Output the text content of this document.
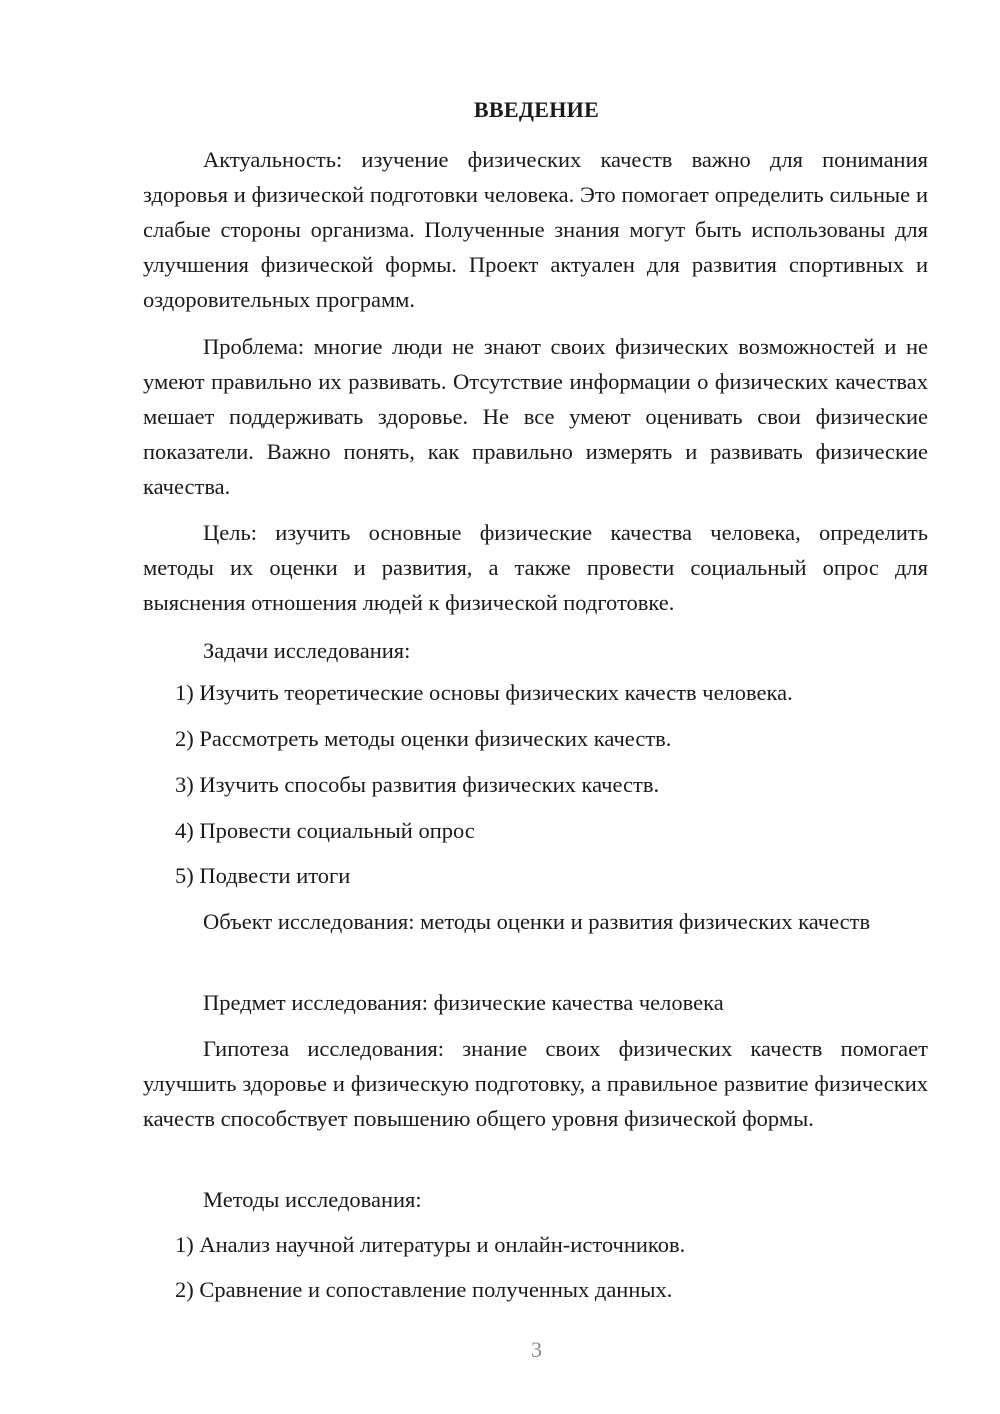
ВВЕДЕНИЕ

Актуальность: изучение физических качеств важно для понимания здоровья и физической подготовки человека. Это помогает определить сильные и слабые стороны организма. Полученные знания могут быть использованы для улучшения физической формы. Проект актуален для развития спортивных и оздоровительных программ.

Проблема: многие люди не знают своих физических возможностей и не умеют правильно их развивать. Отсутствие информации о физических качествах мешает поддерживать здоровье. Не все умеют оценивать свои физические показатели. Важно понять, как правильно измерять и развивать физические качества.

Цель: изучить основные физические качества человека, определить методы их оценки и развития, а также провести социальный опрос для выяснения отношения людей к физической подготовке.

Задачи исследования:

1) Изучить теоретические основы физических качеств человека.
2) Рассмотреть методы оценки физических качеств.
3) Изучить способы развития физических качеств.
4) Провести социальный опрос
5) Подвести итоги

Объект исследования: методы оценки и развития физических качеств

Предмет исследования: физические качества человека

Гипотеза исследования: знание своих физических качеств помогает улучшить здоровье и физическую подготовку, а правильное развитие физических качеств способствует повышению общего уровня физической формы.

Методы исследования:

1) Анализ научной литературы и онлайн-источников.
2) Сравнение и сопоставление полученных данных.
3
